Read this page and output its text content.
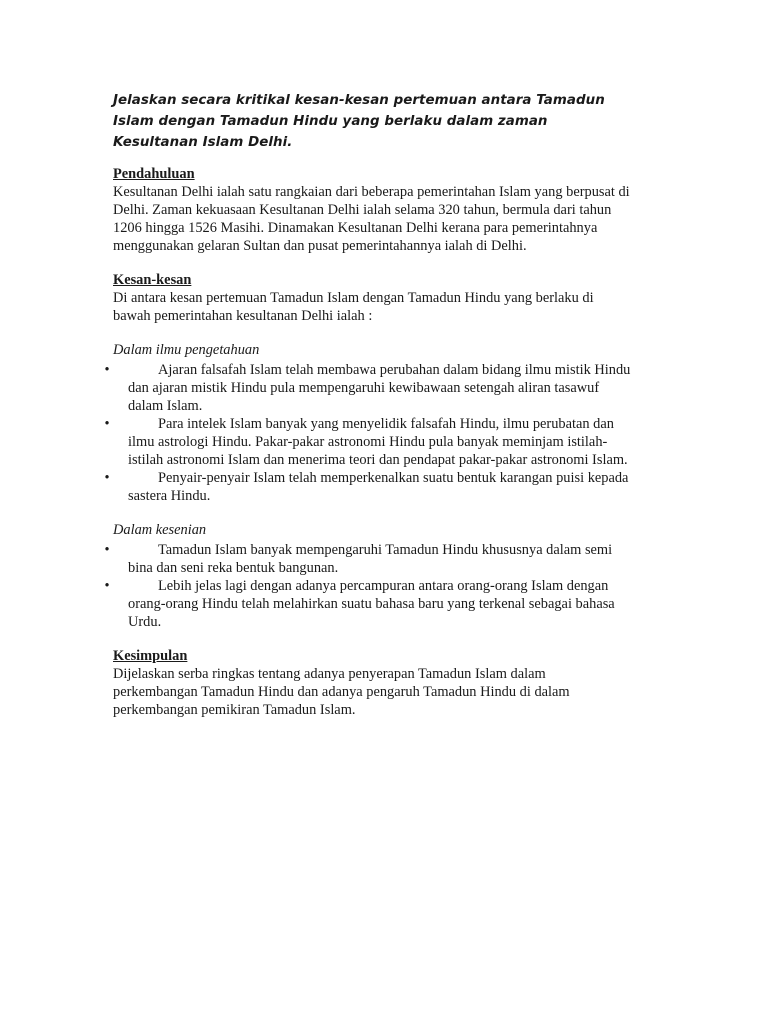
Jelaskan secara kritikal kesan-kesan pertemuan antara Tamadun Islam dengan Tamadun Hindu yang berlaku dalam zaman Kesultanan Islam Delhi.

Pendahuluan

Kesultanan Delhi ialah satu rangkaian dari beberapa pemerintahan Islam yang berpusat di Delhi. Zaman kekuasaan Kesultanan Delhi ialah selama 320 tahun, bermula dari tahun 1206 hingga 1526 Masihi. Dinamakan Kesultanan Delhi kerana para pemerintahnya menggunakan gelaran Sultan dan pusat pemerintahannya ialah di Delhi.

Kesan-kesan

Di antara kesan pertemuan Tamadun Islam dengan Tamadun Hindu yang berlaku di bawah pemerintahan kesultanan Delhi ialah :

Dalam ilmu pengetahuan

•	Ajaran falsafah Islam telah membawa perubahan dalam bidang ilmu mistik Hindu dan ajaran mistik Hindu pula mempengaruhi kewibawaan setengah aliran tasawuf dalam Islam.
•	Para intelek Islam banyak yang menyelidik falsafah Hindu, ilmu perubatan dan ilmu astrologi Hindu. Pakar-pakar astronomi Hindu pula banyak meminjam istilah-istilah astronomi Islam dan menerima teori dan pendapat pakar-pakar astronomi Islam.
•	Penyair-penyair Islam telah memperkenalkan suatu bentuk karangan puisi kepada sastera Hindu.

Dalam kesenian

•	Tamadun Islam banyak mempengaruhi Tamadun Hindu khususnya dalam semi bina dan seni reka bentuk bangunan.
•	Lebih jelas lagi dengan adanya percampuran antara orang-orang Islam dengan orang-orang Hindu telah melahirkan suatu bahasa baru yang terkenal sebagai bahasa Urdu.

Kesimpulan

Dijelaskan serba ringkas tentang adanya penyerapan Tamadun Islam dalam perkembangan Tamadun Hindu dan adanya pengaruh Tamadun Hindu di dalam perkembangan pemikiran Tamadun Islam.
